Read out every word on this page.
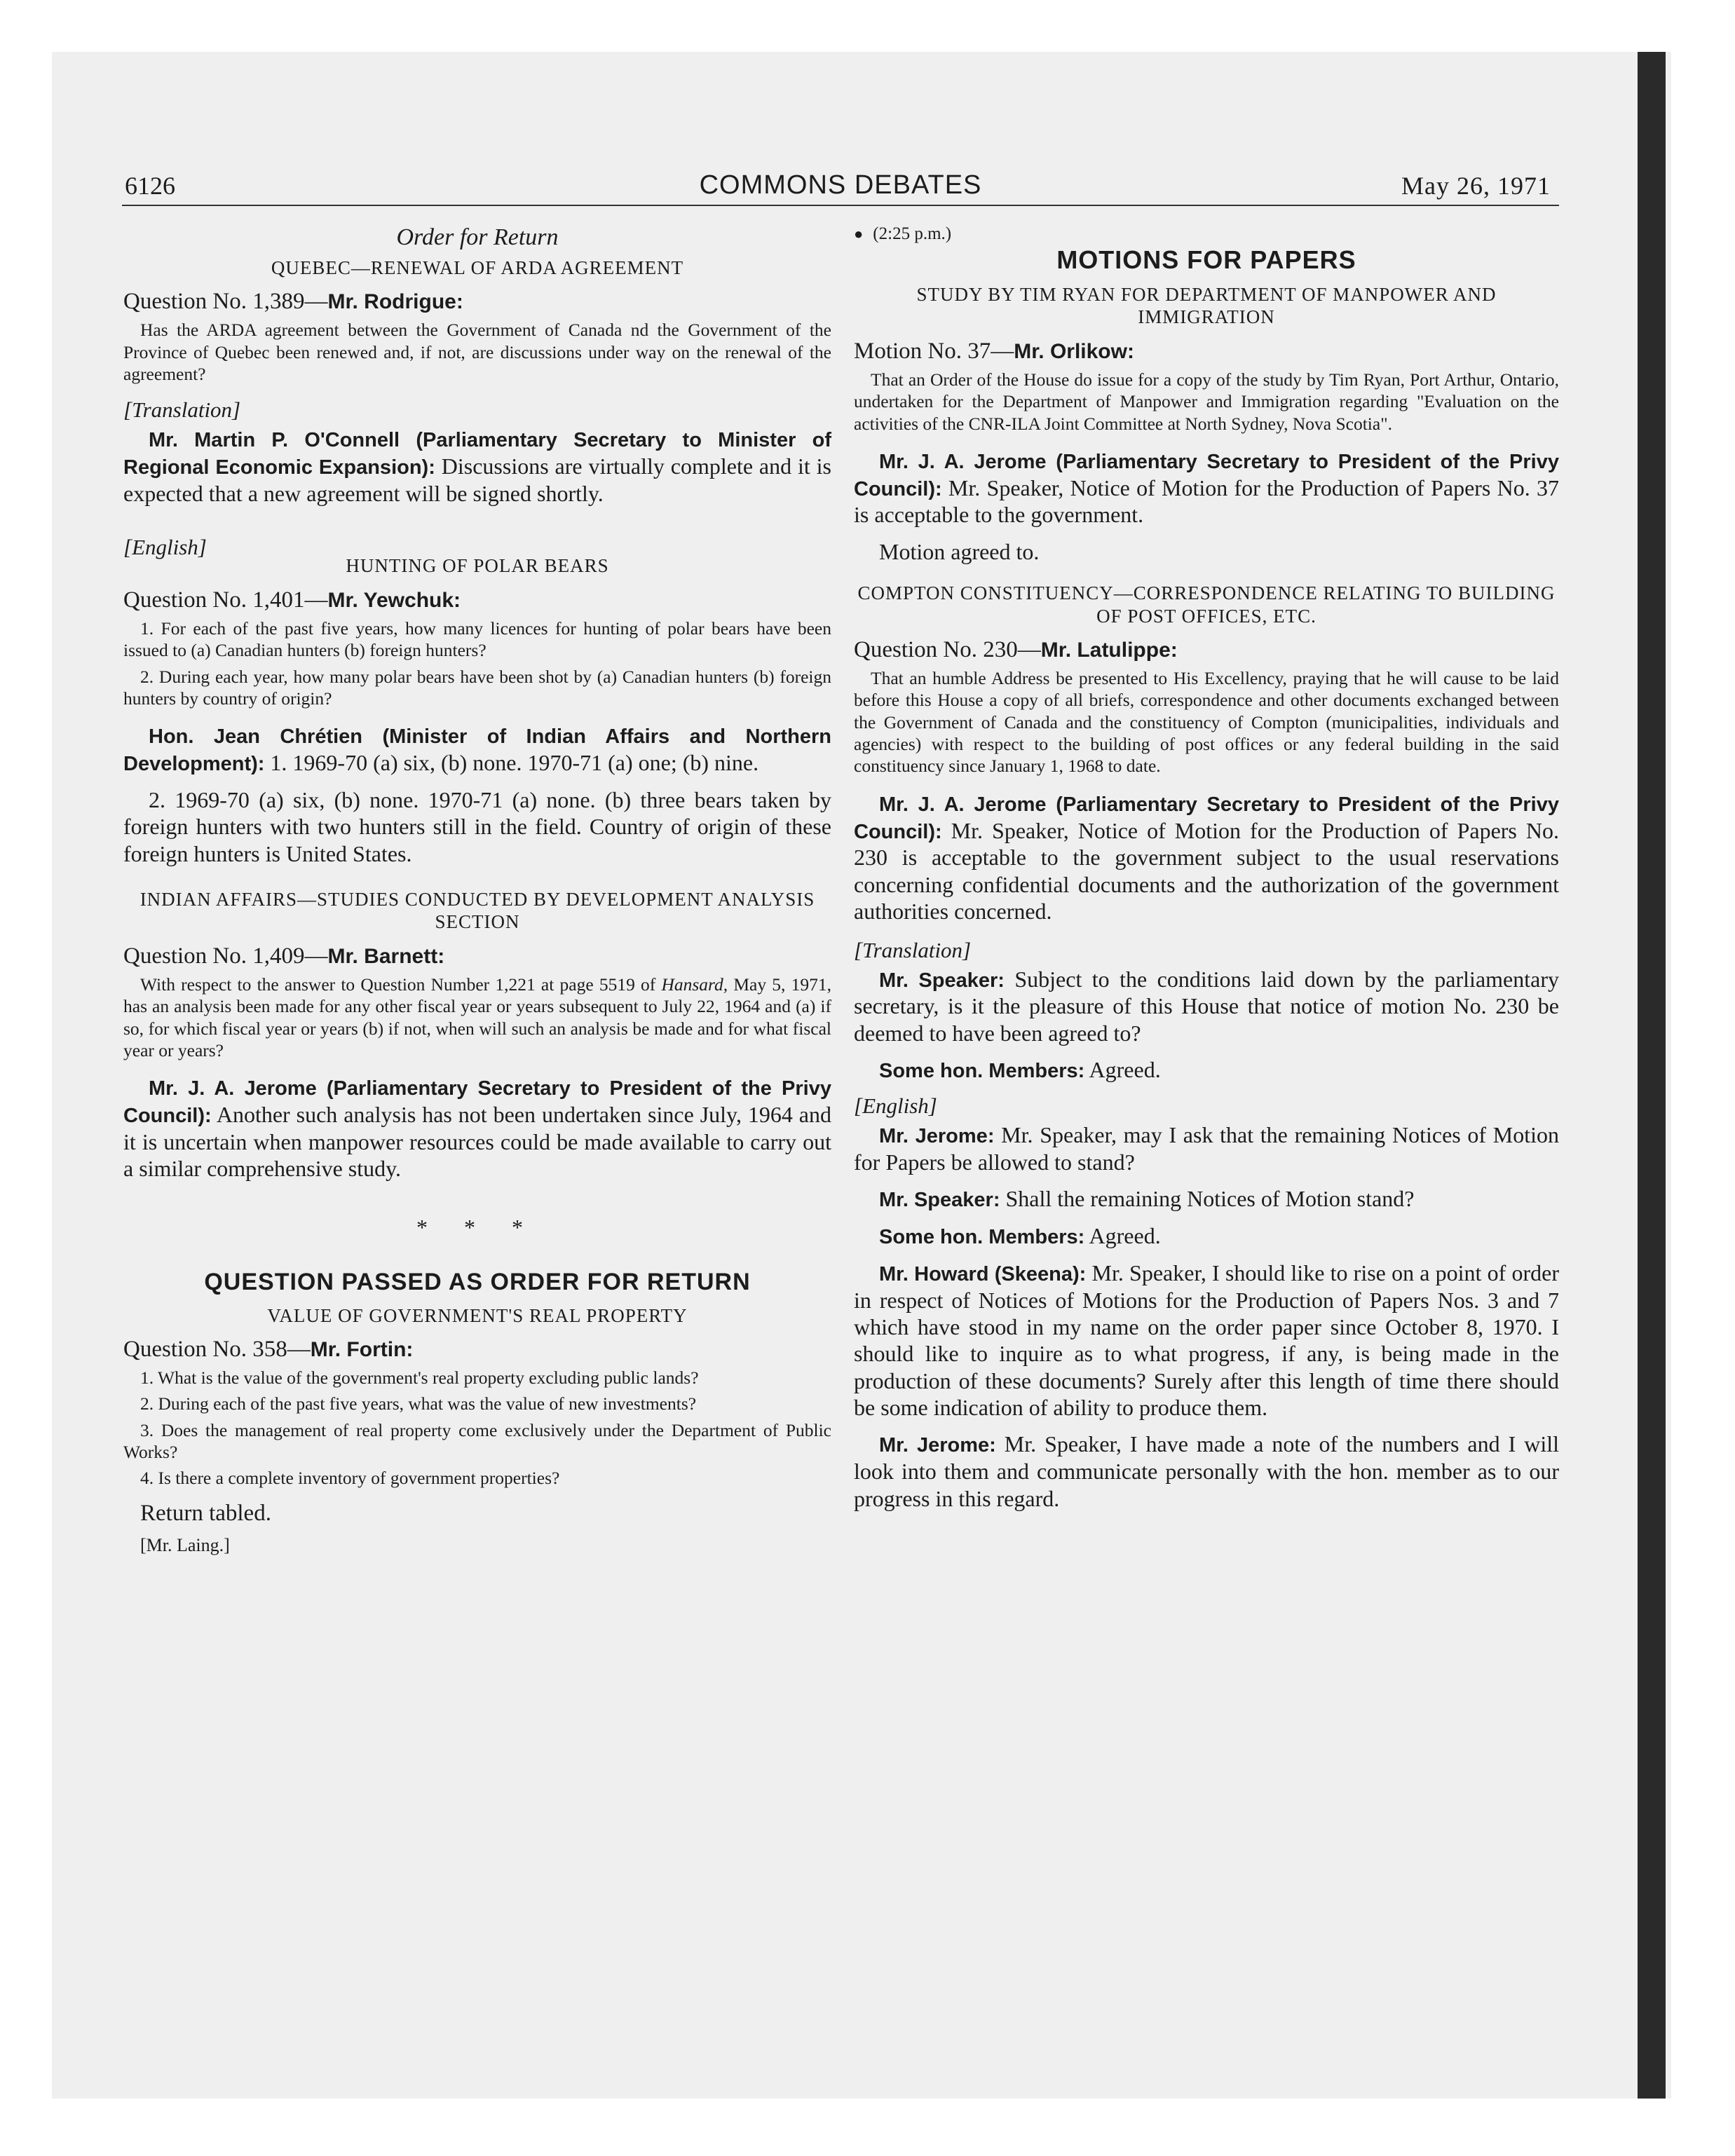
6126	COMMONS DEBATES	May 26, 1971
Order for Return
QUEBEC—RENEWAL OF ARDA AGREEMENT
Question No. 1,389—Mr. Rodrigue:
Has the ARDA agreement between the Government of Canada nd the Government of the Province of Quebec been renewed and, if not, are discussions under way on the renewal of the agreement?
[Translation]
Mr. Martin P. O'Connell (Parliamentary Secretary to Minister of Regional Economic Expansion): Discussions are virtually complete and it is expected that a new agreement will be signed shortly.
[English]
HUNTING OF POLAR BEARS
Question No. 1,401—Mr. Yewchuk:
1. For each of the past five years, how many licences for hunting of polar bears have been issued to (a) Canadian hunters (b) foreign hunters?
2. During each year, how many polar bears have been shot by (a) Canadian hunters (b) foreign hunters by country of origin?
Hon. Jean Chrétien (Minister of Indian Affairs and Northern Development): 1. 1969-70 (a) six, (b) none. 1970-71 (a) one; (b) nine.
2. 1969-70 (a) six, (b) none. 1970-71 (a) none. (b) three bears taken by foreign hunters with two hunters still in the field. Country of origin of these foreign hunters is United States.
INDIAN AFFAIRS—STUDIES CONDUCTED BY DEVELOPMENT ANALYSIS SECTION
Question No. 1,409—Mr. Barnett:
With respect to the answer to Question Number 1,221 at page 5519 of Hansard, May 5, 1971, has an analysis been made for any other fiscal year or years subsequent to July 22, 1964 and (a) if so, for which fiscal year or years (b) if not, when will such an analysis be made and for what fiscal year or years?
Mr. J. A. Jerome (Parliamentary Secretary to President of the Privy Council): Another such analysis has not been undertaken since July, 1964 and it is uncertain when manpower resources could be made available to carry out a similar comprehensive study.
* * *
QUESTION PASSED AS ORDER FOR RETURN
VALUE OF GOVERNMENT'S REAL PROPERTY
Question No. 358—Mr. Fortin:
1. What is the value of the government's real property excluding public lands?
2. During each of the past five years, what was the value of new investments?
3. Does the management of real property come exclusively under the Department of Public Works?
4. Is there a complete inventory of government properties?
Return tabled.
[Mr. Laing.]
● (2:25 p.m.)
MOTIONS FOR PAPERS
STUDY BY TIM RYAN FOR DEPARTMENT OF MANPOWER AND IMMIGRATION
Motion No. 37—Mr. Orlikow:
That an Order of the House do issue for a copy of the study by Tim Ryan, Port Arthur, Ontario, undertaken for the Department of Manpower and Immigration regarding "Evaluation on the activities of the CNR-ILA Joint Committee at North Sydney, Nova Scotia".
Mr. J. A. Jerome (Parliamentary Secretary to President of the Privy Council): Mr. Speaker, Notice of Motion for the Production of Papers No. 37 is acceptable to the government.
Motion agreed to.
COMPTON CONSTITUENCY—CORRESPONDENCE RELATING TO BUILDING OF POST OFFICES, ETC.
Question No. 230—Mr. Latulippe:
That an humble Address be presented to His Excellency, praying that he will cause to be laid before this House a copy of all briefs, correspondence and other documents exchanged between the Government of Canada and the constituency of Compton (municipalities, individuals and agencies) with respect to the building of post offices or any federal building in the said constituency since January 1, 1968 to date.
Mr. J. A. Jerome (Parliamentary Secretary to President of the Privy Council): Mr. Speaker, Notice of Motion for the Production of Papers No. 230 is acceptable to the government subject to the usual reservations concerning confidential documents and the authorization of the government authorities concerned.
[Translation]
Mr. Speaker: Subject to the conditions laid down by the parliamentary secretary, is it the pleasure of this House that notice of motion No. 230 be deemed to have been agreed to?
Some hon. Members: Agreed.
[English]
Mr. Jerome: Mr. Speaker, may I ask that the remaining Notices of Motion for Papers be allowed to stand?
Mr. Speaker: Shall the remaining Notices of Motion stand?
Some hon. Members: Agreed.
Mr. Howard (Skeena): Mr. Speaker, I should like to rise on a point of order in respect of Notices of Motions for the Production of Papers Nos. 3 and 7 which have stood in my name on the order paper since October 8, 1970. I should like to inquire as to what progress, if any, is being made in the production of these documents? Surely after this length of time there should be some indication of ability to produce them.
Mr. Jerome: Mr. Speaker, I have made a note of the numbers and I will look into them and communicate personally with the hon. member as to our progress in this regard.
